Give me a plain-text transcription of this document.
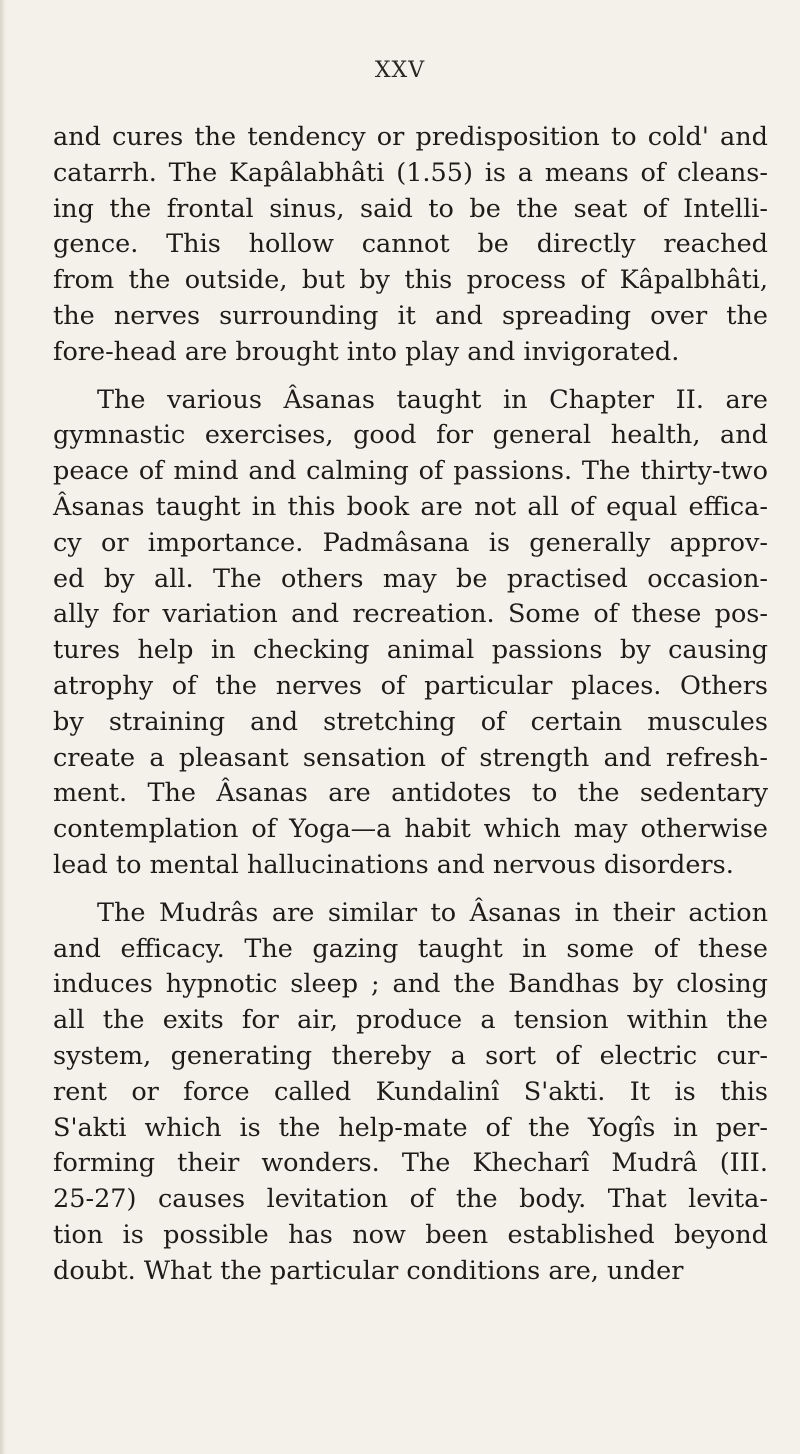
XXV
and cures the tendency or predisposition to cold' and
catarrh. The Kapâlabhâti (1.55) is a means of cleans-
ing the frontal sinus, said to be the seat of Intelli-
gence. This hollow cannot be directly reached
from the outside, but by this process of Kâpalbhâti,
the nerves surrounding it and spreading over the
fore-head are brought into play and invigorated.
The various Âsanas taught in Chapter II. are
gymnastic exercises, good for general health, and
peace of mind and calming of passions. The thirty-two
Âsanas taught in this book are not all of equal effica-
cy or importance. Padmâsana is generally approv-
ed by all. The others may be practised occasion-
ally for variation and recreation. Some of these pos-
tures help in checking animal passions by causing
atrophy of the nerves of particular places. Others
by straining and stretching of certain muscules
create a pleasant sensation of strength and refresh-
ment. The Âsanas are antidotes to the sedentary
contemplation of Yoga—a habit which may otherwise
lead to mental hallucinations and nervous disorders.
The Mudrâs are similar to Âsanas in their action
and efficacy. The gazing taught in some of these
induces hypnotic sleep ; and the Bandhas by closing
all the exits for air, produce a tension within the
system, generating thereby a sort of electric cur-
rent or force called Kundalinî S'akti. It is this
S'akti which is the help-mate of the Yogîs in per-
forming their wonders. The Khecharî Mudrâ (III.
25-27) causes levitation of the body. That levita-
tion is possible has now been established beyond
doubt. What the particular conditions are, under
